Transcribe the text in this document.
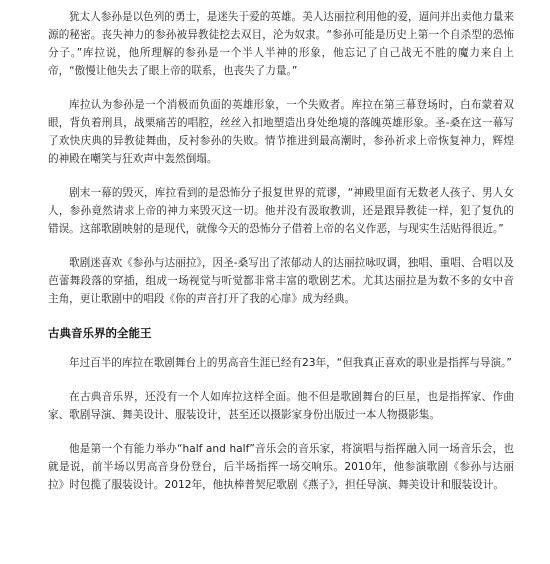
犹太人参孙是以色列的勇士，是迷失于爱的英雄。美人达丽拉利用他的爱，逼问并出卖他力量来源的秘密。丧失神力的参孙被异教徒挖去双目，沦为奴隶。“参孙可能是历史上第一个自杀型的恐怖分子。”库拉说，他所理解的参孙是一个半人半神的形象，他忘记了自己战无不胜的魔力来自上帝，“傲慢让他失去了眼上帝的联系，也丧失了力量。”

库拉认为参孙是一个消极而负面的英雄形象，一个失败者。库拉在第三幕登场时，白布蒙着双眼，背负着刑具，战栗痛苦的唱腔，丝丝入扣地塑造出身处绝境的落魄英雄形象。圣-桑在这一幕写了欢快庆典的异教徒舞曲，反衬参孙的失败。情节推进到最高潮时，参孙祈求上帝恢复神力，辉煌的神殿在嘲笑与狂欢声中轰然倒塌。

剧末一幕的毁灭，库拉看到的是恐怖分子报复世界的荒谬，“神殿里面有无数老人孩子、男人女人，参孙竟然请求上帝的神力来毁灭这一切。他并没有汲取教训，还是跟异教徒一样，犯了复仇的错误。这部歌剧映射的是现代，就像今天的恐怖分子借着上帝的名义作恶，与现实生活贴得很近。”

歌剧迷喜欢《参孙与达丽拉》，因圣-桑写出了浓郁动人的达丽拉咏叹调，独唱、重唱、合唱以及芭蕾舞段落的穿插，组成一场视觉与听觉都非常丰富的歌剧艺术。尤其达丽拉是为数不多的女中音主角，更让歌剧中的唱段《你的声音打开了我的心扉》成为经典。

古典音乐界的全能王

年过百半的库拉在歌剧舞台上的男高音生涯已经有23年，“但我真正喜欢的职业是指挥与导演。”

在古典音乐界，还没有一个人如库拉这样全面。他不但是歌剧舞台的巨星，也是指挥家、作曲家、歌剧导演、舞美设计、服装设计，甚至还以摄影家身份出版过一本人物摄影集。

他是第一个有能力举办“half and half”音乐会的音乐家，将演唱与指挥融入同一场音乐会，也就是说，前半场以男高音身份登台，后半场指挥一场交响乐。2010年，他参演歌剧《参孙与达丽拉》时包揽了服装设计。2012年，他执棒普契尼歌剧《燕子》，担任导演、舞美设计和服装设计。
